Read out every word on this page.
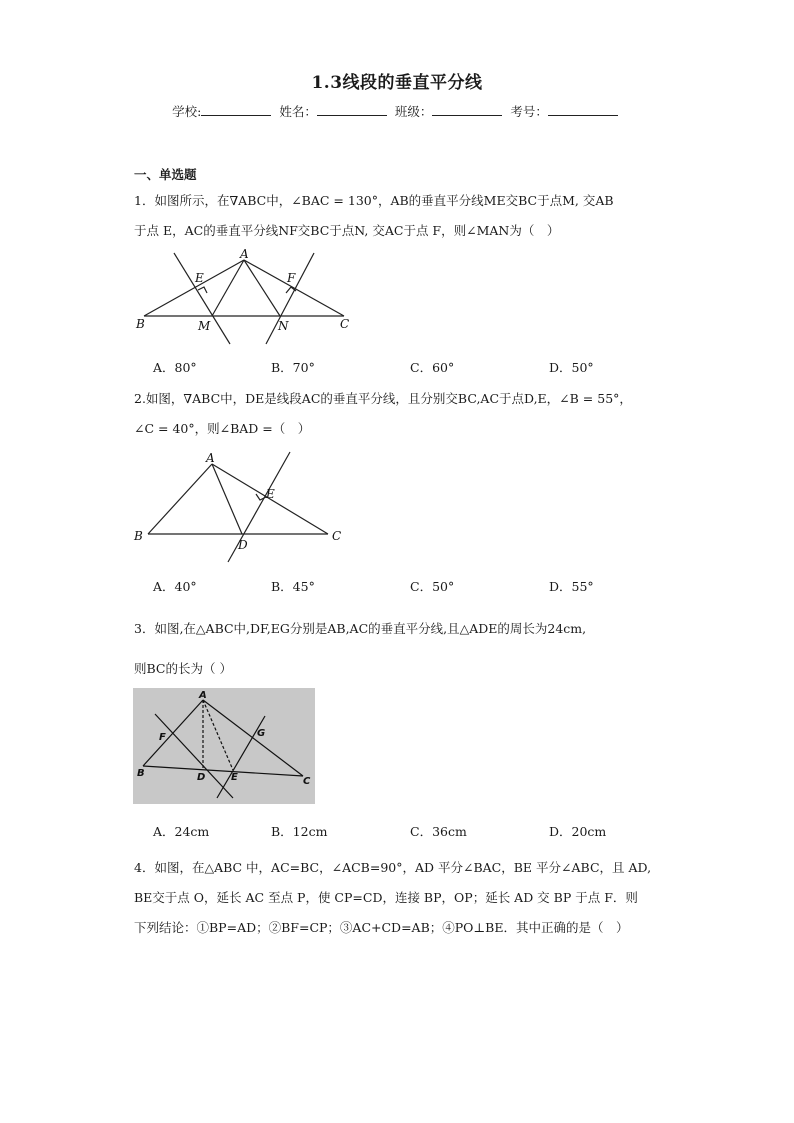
1.3线段的垂直平分线
学校:	姓名：	班级：	考号：
一、单选题
1．如图所示，在∇ABC中，∠BAC = 130°，AB的垂直平分线ME交BC于点M, 交AB
于点 E，AC的垂直平分线NF交BC于点N, 交AC于点 F，则∠MAN为（　）
A
B	C
E	F
M	N
A．80°	B．70°	C．60°	D．50°
2.如图，∇ABC中，DE是线段AC的垂直平分线，且分别交BC,AC于点D,E，∠B = 55°，
∠C = 40°，则∠BAD =（　）
A
B	C
D
E
A．40°	B．45°	C．50°	D．55°
3．如图,在△ABC中,DF,EG分别是AB,AC的垂直平分线,且△ADE的周长为24cm,
则BC的长为（ ）
A
B
C
D	E
F	G
A．24cm	B．12cm	C．36cm	D．20cm
4．如图，在△ABC 中，AC=BC，∠ACB=90°，AD 平分∠BAC，BE 平分∠ABC，且 AD,
BE交于点 O，延长 AC 至点 P，使 CP=CD，连接 BP，OP；延长 AD 交 BP 于点 F．则
下列结论：①BP=AD；②BF=CP；③AC+CD=AB；④PO⊥BE．其中正确的是（　）
